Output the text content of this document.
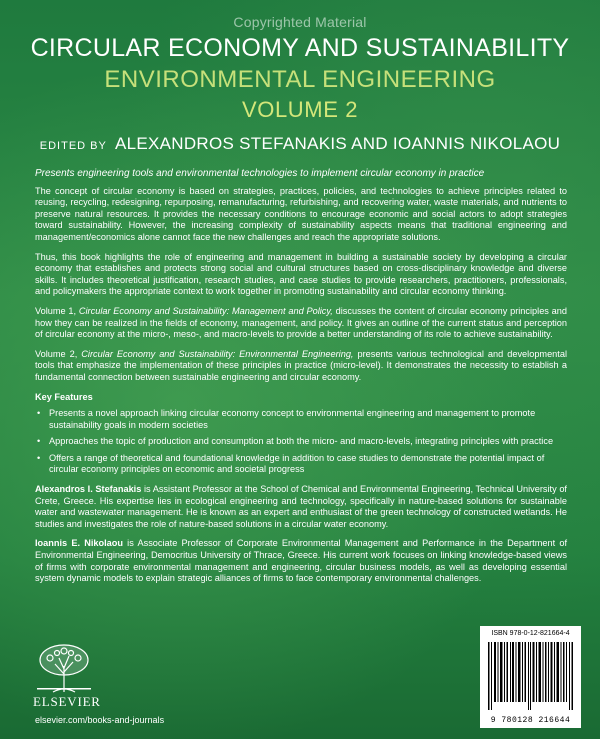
Copyrighted Material
CIRCULAR ECONOMY AND SUSTAINABILITY
ENVIRONMENTAL ENGINEERING
VOLUME 2
EDITED BY ALEXANDROS STEFANAKIS AND IOANNIS NIKOLAOU

Presents engineering tools and environmental technologies to implement circular economy in practice

The concept of circular economy is based on strategies, practices, policies, and technologies to achieve principles related to reusing, recycling, redesigning, repurposing, remanufacturing, refurbishing, and recovering water, waste materials, and nutrients to preserve natural resources. It provides the necessary conditions to encourage economic and social actors to adopt strategies toward sustainability. However, the increasing complexity of sustainability aspects means that traditional engineering and management/economics alone cannot face the new challenges and reach the appropriate solutions.

Thus, this book highlights the role of engineering and management in building a sustainable society by developing a circular economy that establishes and protects strong social and cultural structures based on cross-disciplinary knowledge and diverse skills. It includes theoretical justification, research studies, and case studies to provide researchers, practitioners, professionals, and policymakers the appropriate context to work together in promoting sustainability and circular economy thinking.

Volume 1, Circular Economy and Sustainability: Management and Policy, discusses the content of circular economy principles and how they can be realized in the fields of economy, management, and policy. It gives an outline of the current status and perception of circular economy at the micro-, meso-, and macro-levels to provide a better understanding of its role to achieve sustainability.

Volume 2, Circular Economy and Sustainability: Environmental Engineering, presents various technological and developmental tools that emphasize the implementation of these principles in practice (micro-level). It demonstrates the necessity to establish a fundamental connection between sustainable engineering and circular economy.

Key Features

• Presents a novel approach linking circular economy concept to environmental engineering and management to promote sustainability goals in modern societies
• Approaches the topic of production and consumption at both the micro- and macro-levels, integrating principles with practice
• Offers a range of theoretical and foundational knowledge in addition to case studies to demonstrate the potential impact of circular economy principles on economic and societal progress

Alexandros I. Stefanakis is Assistant Professor at the School of Chemical and Environmental Engineering, Technical University of Crete, Greece. His expertise lies in ecological engineering and technology, specifically in nature-based solutions for sustainable water and wastewater management. He is known as an expert and enthusiast of the green technology of constructed wetlands. He studies and investigates the role of nature-based solutions in a circular water economy.

Ioannis E. Nikolaou is Associate Professor of Corporate Environmental Management and Performance in the Department of Environmental Engineering, Democritus University of Thrace, Greece. His current work focuses on linking knowledge-based views of firms with corporate environmental management and engineering, circular business models, as well as developing essential system dynamic models to explain strategic alliances of firms to face contemporary environmental challenges.

ELSEVIER
elsevier.com/books-and-journals
ISBN 978-0-12-821664-4
9 780128 216644
